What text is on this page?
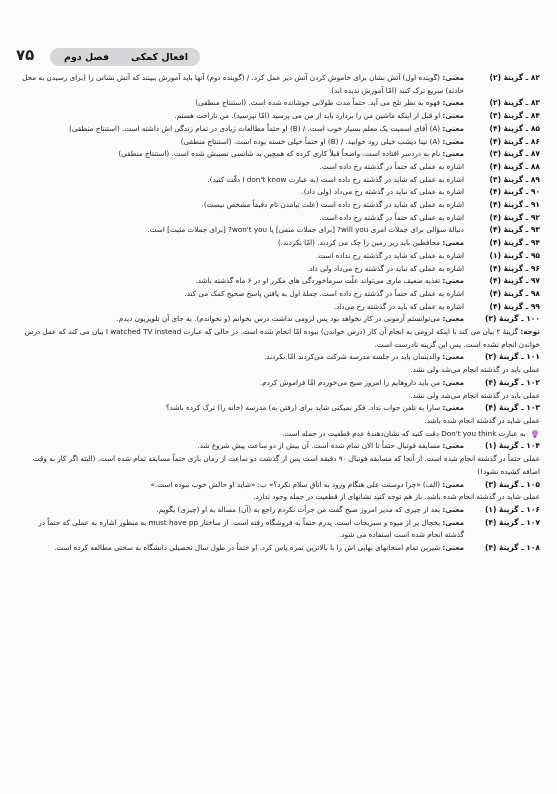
۷۵	افعال کمکی
فصل دوم
۸۲ ـ گزینهٔ (۲)
معنی: (گوینده اول) آتش نشان برای خاموش کردن آتش دیر عمل کرد. / (گوینده دوم) آنها باید آموزش ببینند که آتش نشانی را (برای رسیدن به محل حادثه) سریع ترک کنند (امّا آموزش ندیده اند).
۸۳ ـ گزینهٔ (۲)
معنی: قهوه به نظر تلخ می آید. حتماً مدت طولانی جوشانده شده است. (استنتاج منطقی)
۸۴ ـ گزینهٔ (۳)
معنی: او قبل از اینکه ماشین من را بردارد باید از من می پرسید (امّا نپرسید). من ناراحت هستم.
۸۵ ـ گزینهٔ (۴)
معنی: (A) آقای اسمیت یک معلم بسیار خوب است. / (B) او حتماً مطالعات زیادی در تمام زندگی اش داشته است. (استنتاج منطقی)
۸۶ ـ گزینهٔ (۴)
معنی: (A) تینا دیشب خیلی زود خوابید. / (B) او حتماً خیلی خسته بوده است. (استنتاج منطقی)
۸۷ ـ گزینهٔ (۳)
معنی: نام به دردسر افتاده است. واضحاً قبلاً کاری کرده که همچین بد شانسی نصیبش شده است. (استنتاج منطقی)
۸۸ ـ گزینهٔ (۴)
اشاره به عملی که حتماً در گذشته رخ داده است.
۸۹ ـ گزینهٔ (۳)
اشاره به عملی که شاید در گذشته رخ داده است (به عبارت I don't know دقّت کنید).
۹۰ ـ گزینهٔ (۴)
اشاره به عملی که نباید در گذشته رخ می‌داد (ولی داد).
۹۱ ـ گزینهٔ (۴)
اشاره به عملی که شاید در گذشته رخ داده است (علت نیامدن تام دقیقاً مشخص نیست).
۹۲ ـ گزینهٔ (۴)
اشاره به عملی که حتماً در گذشته رخ داده است.
۹۳ ـ گزینهٔ (۴)
دنبالهٔ سؤالی برای جملات امری will you? [برای جملات منفی] یا won't you? [برای جملات مثبت] است.
۹۴ ـ گزینهٔ (۴)
معنی: محافظین باید زیر زمین را چک می کردند. (امّا نکردند.)
۹۵ ـ گزینهٔ (۱)
اشاره به عملی که شاید در گذشته رخ نداده است.
۹۶ ـ گزینهٔ (۴)
اشاره به عملی که نباید در گذشته رخ می‌داد ولی داد.
۹۷ ـ گزینهٔ (۴)
معنی: تغذیه ضعیف ماری می‌تواند علّت سرماخوردگی های مکرر او در ۶ ماه گذشته باشد.
۹۸ ـ گزینهٔ (۴)
اشاره به عملی که حتماً در گذشته رخ داده است. جملهٔ اول به یافتن پاسخ صحیح کمک می کند.
۹۹ ـ گزینهٔ (۴)
اشاره به عملی که باید در گذشته رخ می‌داد.
۱۰۰ ـ گزینهٔ (۳)
معنی: می‌توانستم آزمونی در کار نخواهد بود پس لزومی نداشت درس بخوانم (و نخواندم). به جای آن تلویزیون دیدم.
توجه: گزینهٔ ۲ بیان می کند با اینکه لزومی به انجام آن کار (درس خواندن) نبوده امّا انجام شده است. در حالی که عبارت I watched TV instead بیان می کند که عمل درس خواندن انجام نشده است. پس این گزینه نادرست است.
۱۰۱ ـ گزینهٔ (۲)
معنی: والدینمان باید در جلسه مدرسه شرکت می‌کردند امّا نکردند.
عملی باید در گذشته انجام می‌شد ولی نشد.
۱۰۲ ـ گزینهٔ (۴)
معنی: من باید داروهایم را امروز صبح می‌خوردم امّا فراموش کردم.
عملی باید در گذشته انجام می‌شد ولی نشد.
۱۰۳ ـ گزینهٔ (۴)
معنی: سارا به تلفن جواب نداد. فکر نمیکنی شاید برای (رفتن به) مدرسه (خانه را) ترک کرده باشد؟
عملی شاید در گذشته انجام شده باشد.
به عبارت Don't you think دقت کنید که نشان‌دهندهٔ عدم قطعیت در جمله است.
۱۰۴ ـ گزینهٔ (۱)
معنی: مسابقه فوتبال حتماً تا الان تمام شده است. آن بیش از دو ساعت پیش شروع شد.
عملی حتماً در گذشته انجام شده است. از آنجا که مسابقه فوتبال ۹۰ دقیقه است پس از گذشت دو ساعت از زمان بازی حتماً مسابقه تمام شده است. (البته اگر کار به وقت اضافه کشیده نشود!)
۱۰۵ ـ گزینهٔ (۳)
معنی: (الف) «چرا دوستت علی هنگام ورود به اتاق سلام نکرد؟» ب: «شاید او حالش خوب نبوده است.»
عملی شاید در گذشته انجام شده باشد. باز هم توجه کنید نشانهای از قطعیت در جمله وجود ندارد.
۱۰۶ ـ گزینهٔ (۱)
معنی: بعد از چیزی که مدیر امروز صبح گفت من جرأت نکردم راجع به (آن) مساله به او (چیزی) بگویم.
۱۰۷ ـ گزینهٔ (۴)
معنی: یخچال پر از میوه و سبزیجات است. پدرم حتماً به فروشگاه رفته است. از ساختار must have pp به منظور اشاره به عملی که حتماً در گذشته انجام شده است استفاده می شود.
۱۰۸ ـ گزینهٔ (۴)
معنی: شیرین تمام امتحانهای نهایی اش را با بالاترین نمره پاس کرد. او حتماً در طول سال تحصیلی دانشگاه به سختی مطالعه کرده است.
